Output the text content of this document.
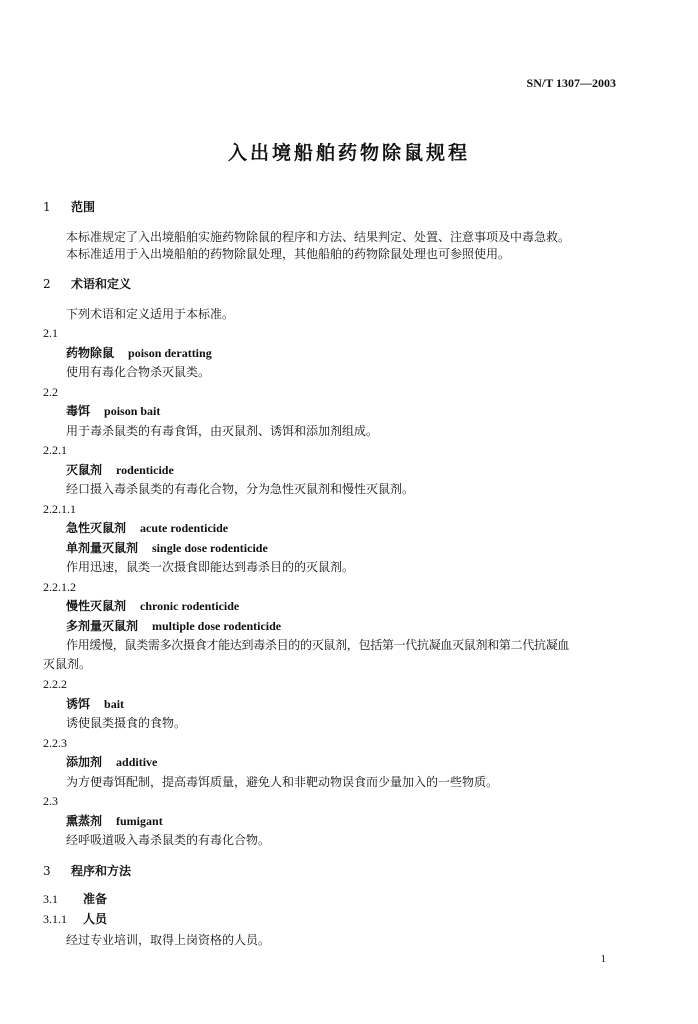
SN/T 1307—2003
入出境船舶药物除鼠规程
1 范围
本标准规定了入出境船舶实施药物除鼠的程序和方法、结果判定、处置、注意事项及中毒急救。
本标准适用于入出境船舶的药物除鼠处理，其他船舶的药物除鼠处理也可参照使用。
2 术语和定义
下列术语和定义适用于本标准。
2.1
药物除鼠 poison deratting
使用有毒化合物杀灭鼠类。
2.2
毒饵 poison bait
用于毒杀鼠类的有毒食饵，由灭鼠剂、诱饵和添加剂组成。
2.2.1
灭鼠剂 rodenticide
经口摄入毒杀鼠类的有毒化合物，分为急性灭鼠剂和慢性灭鼠剂。
2.2.1.1
急性灭鼠剂 acute rodenticide
单剂量灭鼠剂 single dose rodenticide
作用迅速，鼠类一次摄食即能达到毒杀目的的灭鼠剂。
2.2.1.2
慢性灭鼠剂 chronic rodenticide
多剂量灭鼠剂 multiple dose rodenticide
作用缓慢，鼠类需多次摄食才能达到毒杀目的的灭鼠剂，包括第一代抗凝血灭鼠剂和第二代抗凝血
灭鼠剂。
2.2.2
诱饵 bait
诱使鼠类摄食的食物。
2.2.3
添加剂 additive
为方便毒饵配制，提高毒饵质量，避免人和非靶动物误食而少量加入的一些物质。
2.3
熏蒸剂 fumigant
经呼吸道吸入毒杀鼠类的有毒化合物。
3 程序和方法
3.1 准备
3.1.1 人员
经过专业培训，取得上岗资格的人员。
1
